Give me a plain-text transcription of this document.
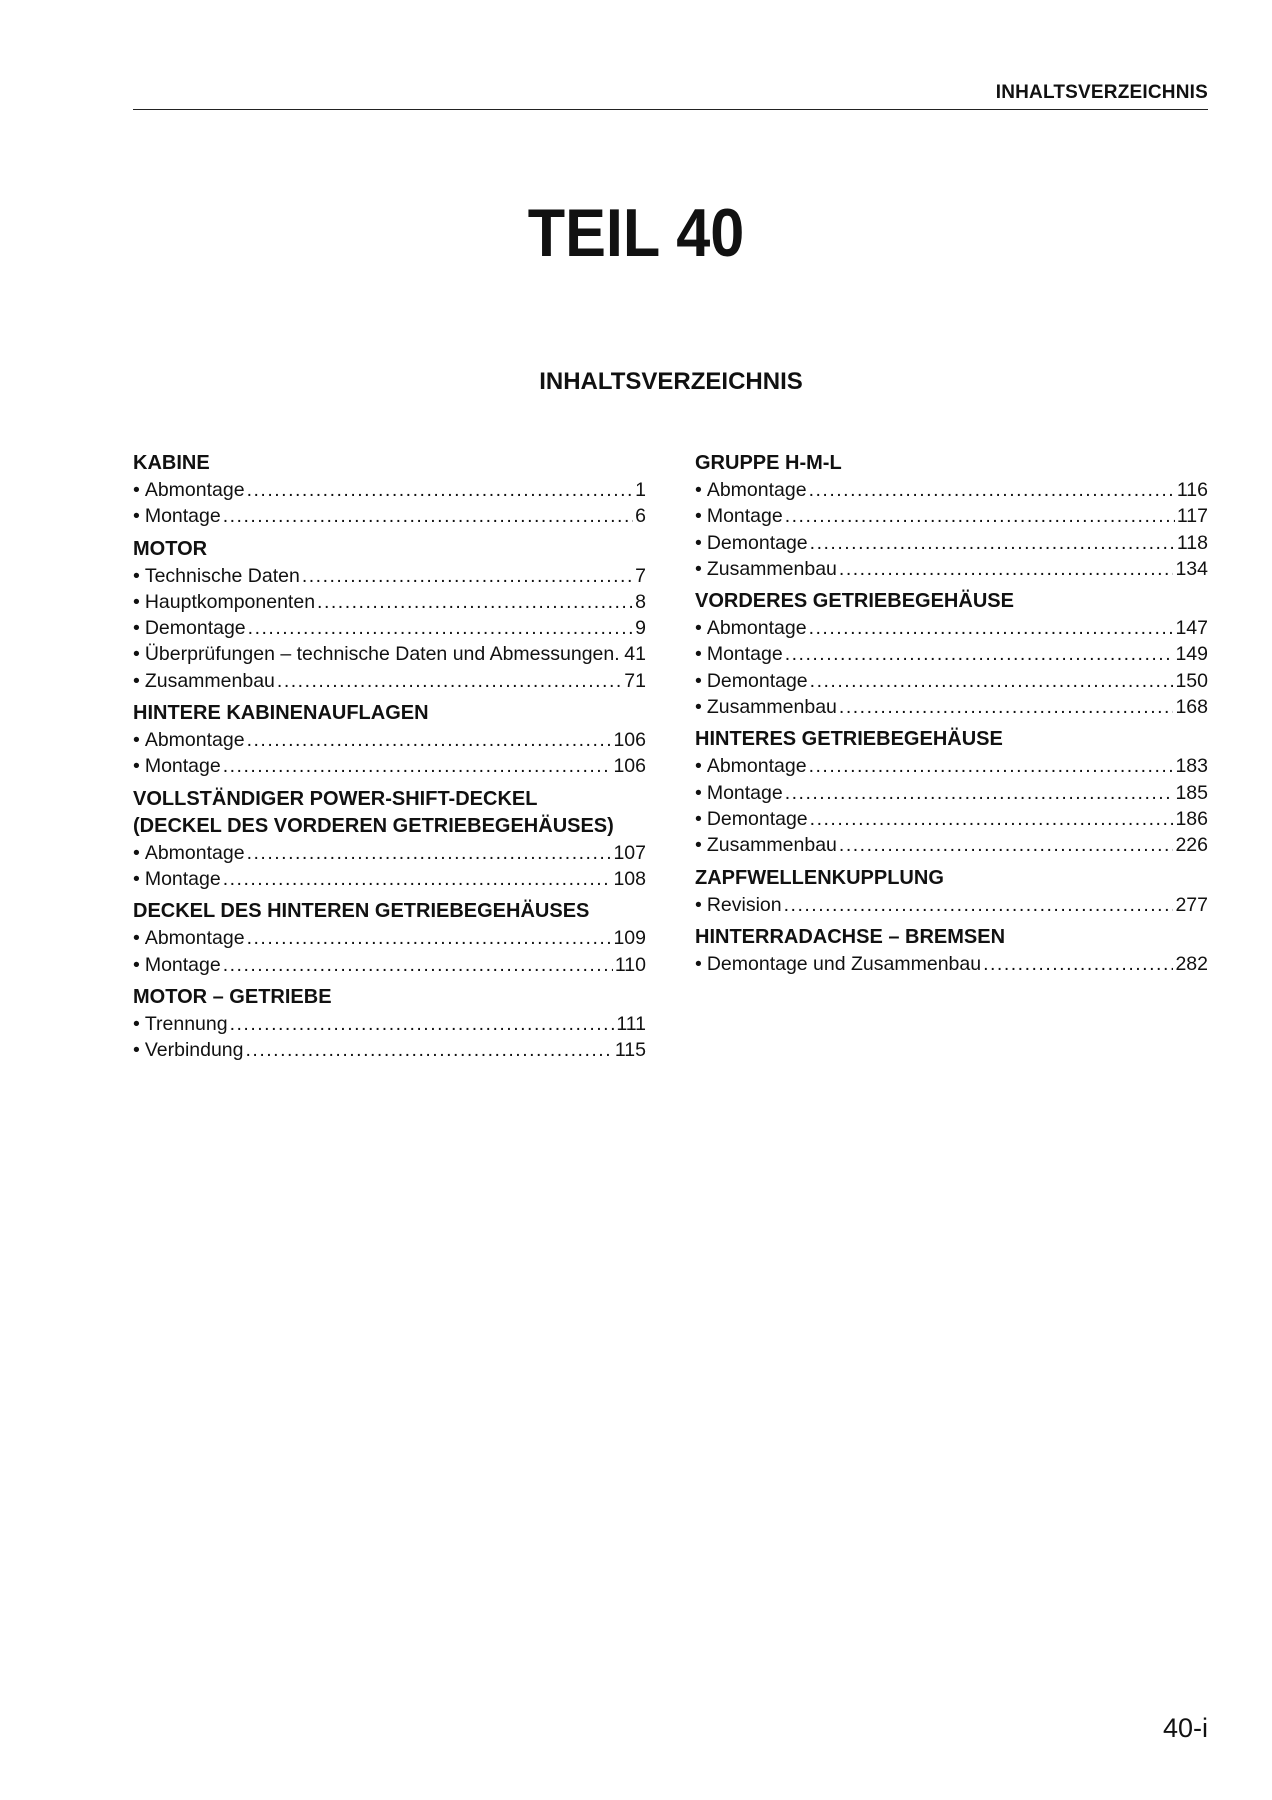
INHALTSVERZEICHNIS
TEIL 40
INHALTSVERZEICHNIS
KABINE
• Abmontage .....	1
• Montage .....	6
MOTOR
• Technische Daten .....	7
• Hauptkomponenten .....	8
• Demontage .....	9
• Überprüfungen – technische Daten und Abmessungen. 41
• Zusammenbau .....	71
HINTERE KABINENAUFLAGEN
• Abmontage .....	106
• Montage .....	106
VOLLSTÄNDIGER POWER-SHIFT-DECKEL
(DECKEL DES VORDEREN GETRIEBEGEHÄUSES)
• Abmontage .....	107
• Montage .....	108
DECKEL DES HINTEREN GETRIEBEGEHÄUSES
• Abmontage .....	109
• Montage .....	110
MOTOR – GETRIEBE
• Trennung .....	111
• Verbindung .....	115
GRUPPE H-M-L
• Abmontage .....	116
• Montage .....	117
• Demontage .....	118
• Zusammenbau .....	134
VORDERES GETRIEBEGEHÄUSE
• Abmontage .....	147
• Montage .....	149
• Demontage .....	150
• Zusammenbau .....	168
HINTERES GETRIEBEGEHÄUSE
• Abmontage .....	183
• Montage .....	185
• Demontage .....	186
• Zusammenbau .....	226
ZAPFWELLENKUPPLUNG
• Revision .....	277
HINTERRADACHSE – BREMSEN
• Demontage und Zusammenbau .....	282
40-i
